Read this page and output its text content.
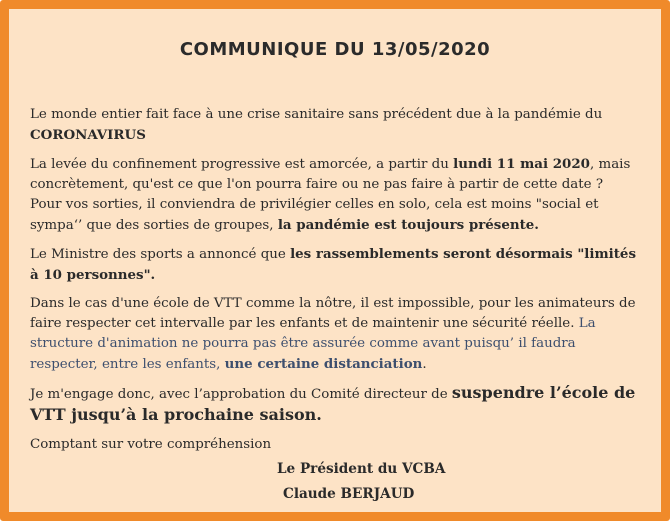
COMMUNIQUE DU 13/05/2020

Le monde entier fait face à une crise sanitaire sans précédent due à la pandémie du
CORONAVIRUS

La levée du confinement progressive est amorcée, a partir du lundi 11 mai 2020, mais concrètement, qu'est ce que l'on pourra faire ou ne pas faire à partir de cette date ?
Pour vos sorties, il conviendra de privilégier celles en solo, cela est moins "social et sympa‘’ que des sorties de groupes, la pandémie est toujours présente.

Le Ministre des sports a annoncé que les rassemblements seront désormais "limités à 10 personnes".

Dans le cas d'une école de VTT comme la nôtre, il est impossible, pour les animateurs de faire respecter cet intervalle par les enfants et de maintenir une sécurité réelle. La structure d'animation ne pourra pas être assurée comme avant puisqu’ il faudra respecter, entre les enfants, une certaine distanciation.

Je m'engage donc, avec l’approbation du Comité directeur de suspendre l’école de VTT jusqu’à la prochaine saison.

Comptant sur votre compréhension

Le Président du VCBA
Claude BERJAUD
